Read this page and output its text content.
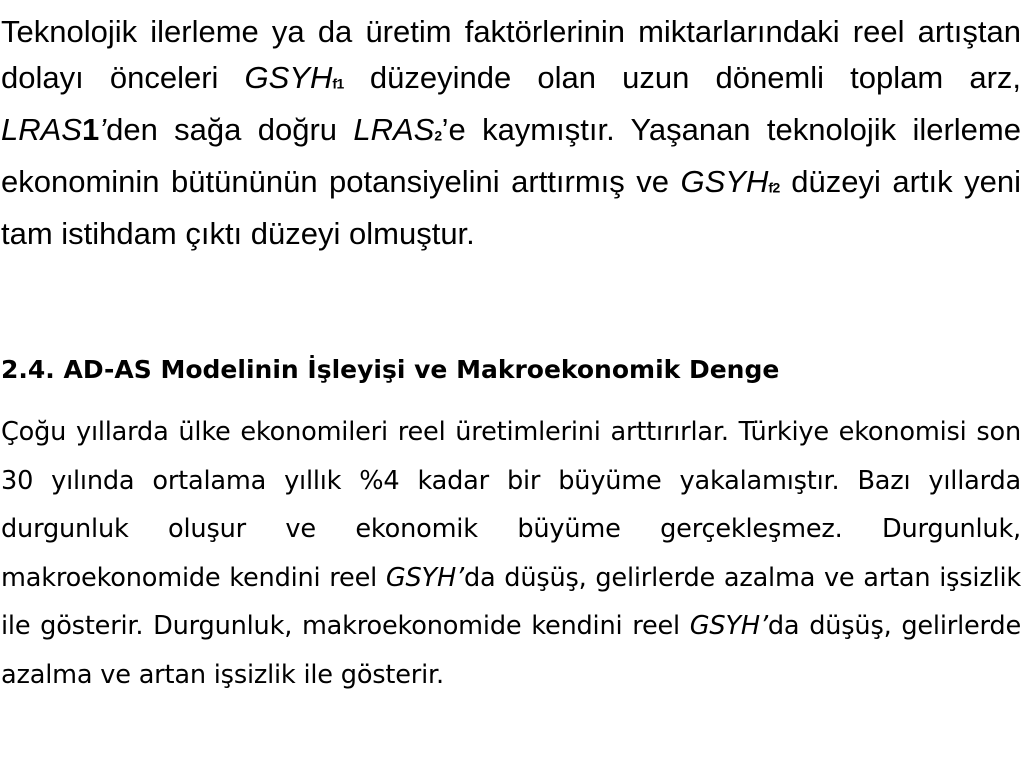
Teknolojik ilerleme ya da üretim faktörlerinin miktarlarındaki reel artıştan dolayı önceleri GSYHf1 düzeyinde olan uzun dönemli toplam arz, LRAS1’den sağa doğru LRAS2’e kaymıştır. Yaşanan teknolojik ilerleme ekonominin bütününün potansiyelini arttırmış ve GSYHf2 düzeyi artık yeni tam istihdam çıktı düzeyi olmuştur.

2.4. AD-AS Modelinin İşleyişi ve Makroekonomik Denge

Çoğu yıllarda ülke ekonomileri reel üretimlerini arttırırlar. Türkiye ekonomisi son 30 yılında ortalama yıllık %4 kadar bir büyüme yakalamıştır. Bazı yıllarda durgunluk oluşur ve ekonomik büyüme gerçekleşmez. Durgunluk, makroekonomide kendini reel GSYH’da düşüş, gelirlerde azalma ve artan işsizlik ile gösterir. Durgunluk, makroekonomide kendini reel GSYH’da düşüş, gelirlerde azalma ve artan işsizlik ile gösterir.
